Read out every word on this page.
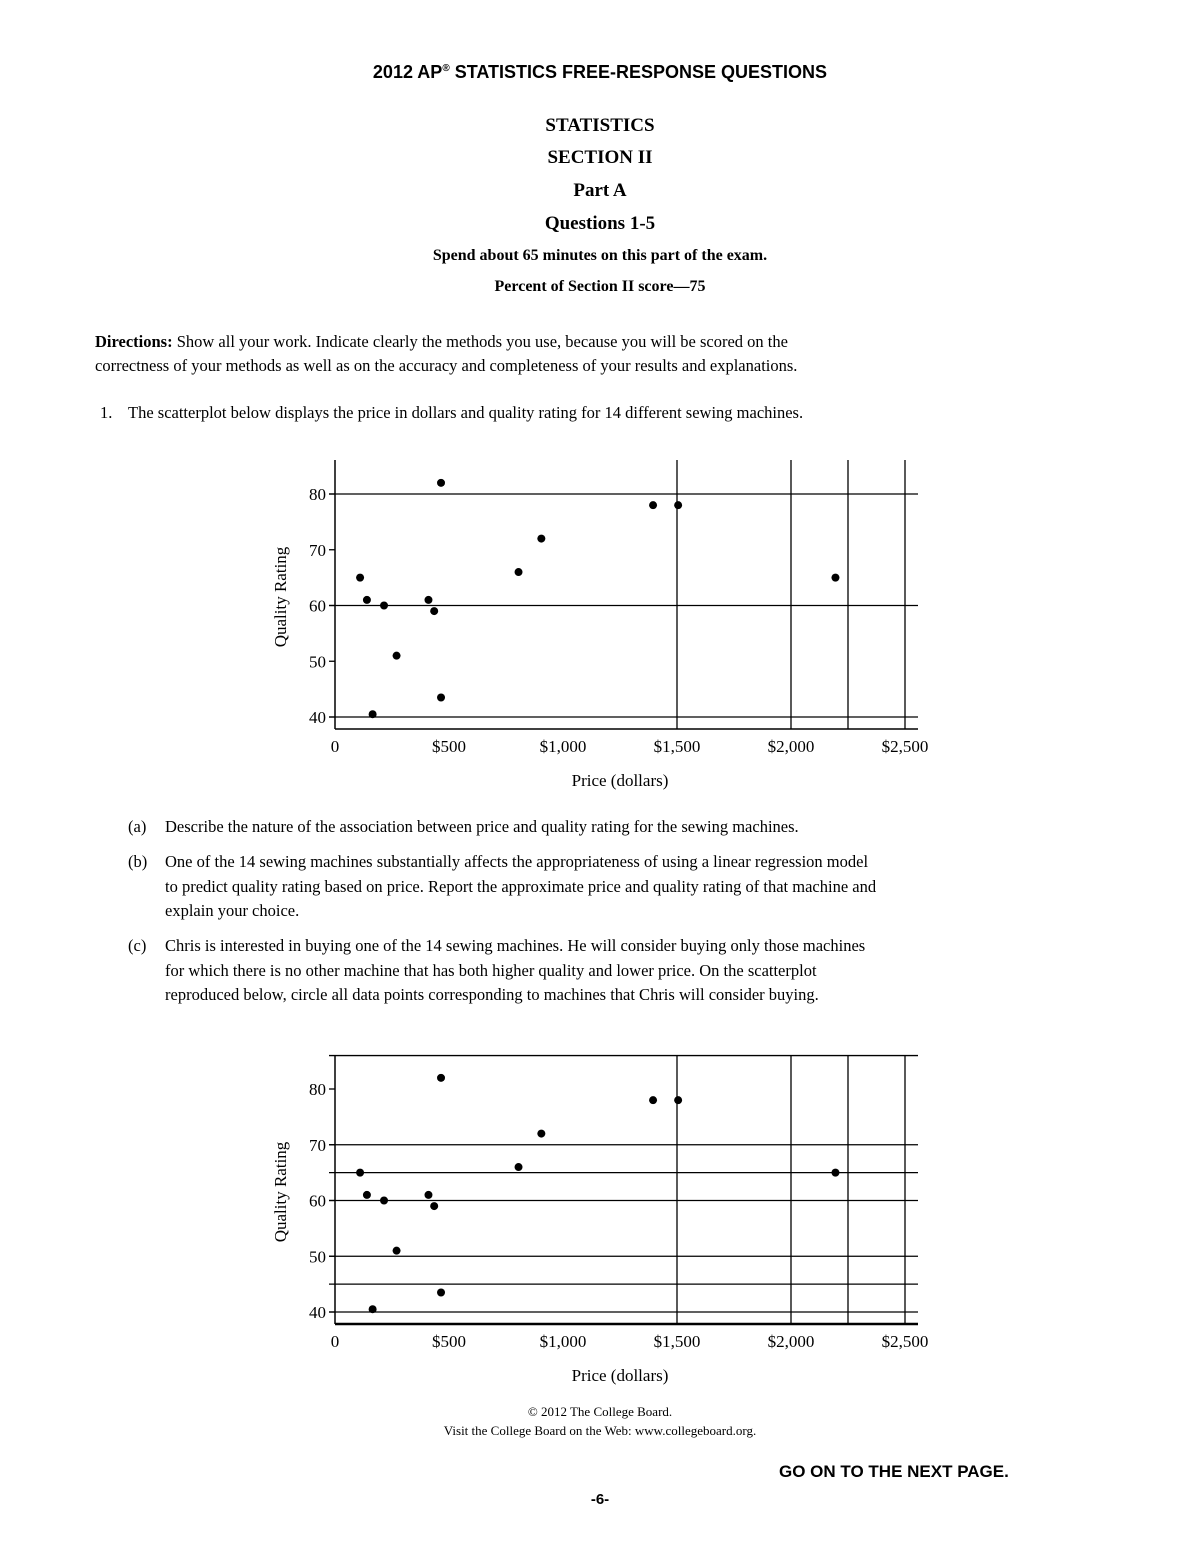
2012 AP® STATISTICS FREE-RESPONSE QUESTIONS
STATISTICS
SECTION II
Part A
Questions 1-5
Spend about 65 minutes on this part of the exam.
Percent of Section II score—75
Directions: Show all your work. Indicate clearly the methods you use, because you will be scored on the
correctness of your methods as well as on the accuracy and completeness of your results and explanations.
1. The scatterplot below displays the price in dollars and quality rating for 14 different sewing machines.
40
50
60
70
80
0	$500	$1,000	$1,500	$2,000	$2,500
Price (dollars)
Quality Rating
(a) Describe the nature of the association between price and quality rating for the sewing machines.
(b) One of the 14 sewing machines substantially affects the appropriateness of using a linear regression model
to predict quality rating based on price. Report the approximate price and quality rating of that machine and
explain your choice.
(c) Chris is interested in buying one of the 14 sewing machines. He will consider buying only those machines
for which there is no other machine that has both higher quality and lower price. On the scatterplot
reproduced below, circle all data points corresponding to machines that Chris will consider buying.
40
50
60
70
80
0	$500	$1,000	$1,500	$2,000	$2,500
Price (dollars)
Quality Rating
© 2012 The College Board.
Visit the College Board on the Web: www.collegeboard.org.
GO ON TO THE NEXT PAGE.
-6-
